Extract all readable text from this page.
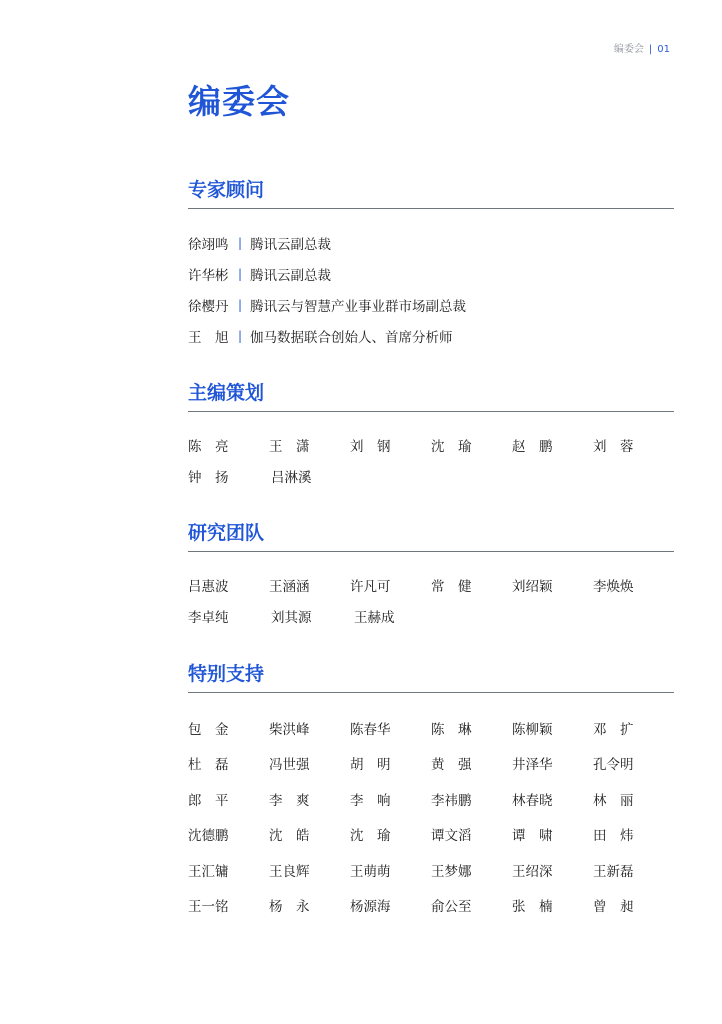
编委会 | 01
编委会
专家顾问
徐翊鸣 | 腾讯云副总裁
许华彬 | 腾讯云副总裁
徐樱丹 | 腾讯云与智慧产业事业群市场副总裁
王　旭 | 伽马数据联合创始人、首席分析师
主编策划
陈　亮	王　潇	刘　钢	沈　瑜	赵　鹏	刘　蓉
钟　扬	吕淋溪
研究团队
吕惠波	王涵涵	许凡可	常　健	刘绍颖	李焕焕
李卓纯	刘其源	王赫成
特别支持
包　金	柴洪峰	陈春华	陈　琳	陈柳颖	邓　扩
杜　磊	冯世强	胡　明	黄　强	井泽华	孔令明
郎　平	李　爽	李　响	李祎鹏	林春晓	林　丽
沈德鹏	沈　皓	沈　瑜	谭文滔	谭　啸	田　炜
王汇镛	王良辉	王萌萌	王梦娜	王绍深	王新磊
王一铭	杨　永	杨源海	俞公至	张　楠	曾　昶
